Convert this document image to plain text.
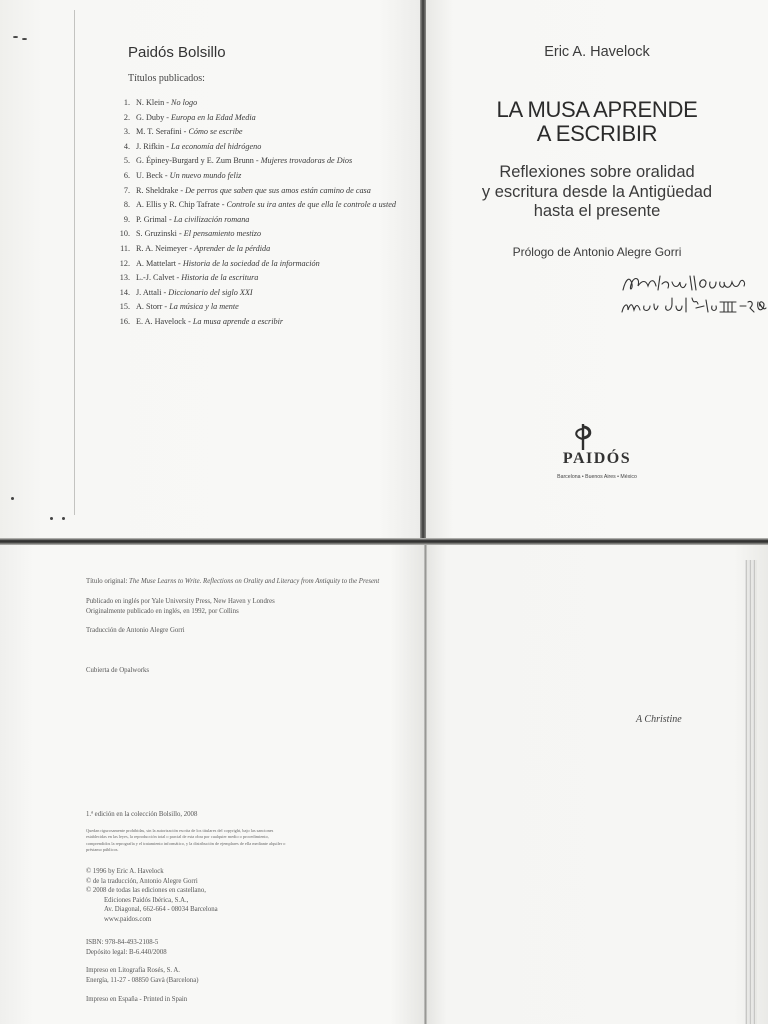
Paidós Bolsillo
Títulos publicados:
1. N. Klein - No logo
2. G. Duby - Europa en la Edad Media
3. M. T. Serafini - Cómo se escribe
4. J. Rifkin - La economía del hidrógeno
5. G. Épiney-Burgard y E. Zum Brunn - Mujeres trovadoras de Dios
6. U. Beck - Un nuevo mundo feliz
7. R. Sheldrake - De perros que saben que sus amos están camino de casa
8. A. Ellis y R. Chip Tafrate - Controle su ira antes de que ella le controle a usted
9. P. Grimal - La civilización romana
10. S. Gruzinski - El pensamiento mestizo
11. R. A. Neimeyer - Aprender de la pérdida
12. A. Mattelart - Historia de la sociedad de la información
13. L.-J. Calvet - Historia de la escritura
14. J. Attali - Diccionario del siglo XXI
15. A. Storr - La música y la mente
16. E. A. Havelock - La musa aprende a escribir
Eric A. Havelock
LA MUSA APRENDE
A ESCRIBIR
Reflexiones sobre oralidad
y escritura desde la Antigüedad
hasta el presente
Prólogo de Antonio Alegre Gorri
PAIDÓS
Barcelona • Buenos Aires • México
Título original: The Muse Learns to Write. Reflections on Orality and Literacy from Antiquity to the Present
Publicado en inglés por Yale University Press, New Haven y Londres
Originalmente publicado en inglés, en 1992, por Collins
Traducción de Antonio Alegre Gorri
Cubierta de Opalworks
1.ª edición en la colección Bolsillo, 2008
Quedan rigurosamente prohibidas, sin la autorización escrita de los titulares del copyright, bajo las sanciones
establecidas en las leyes, la reproducción total o parcial de esta obra por cualquier medio o procedimiento,
comprendidos la reprografía y el tratamiento informático, y la distribución de ejemplares de ella mediante alquiler o
préstamo públicos.
© 1996 by Eric A. Havelock
© de la traducción, Antonio Alegre Gorri
© 2008 de todas las ediciones en castellano,
Ediciones Paidós Ibérica, S.A.,
Av. Diagonal, 662-664 - 08034 Barcelona
www.paidos.com
ISBN: 978-84-493-2108-5
Depósito legal: B-6.440/2008
Impreso en Litografía Rosés, S. A.
Energía, 11-27 - 08850 Gavà (Barcelona)
Impreso en España - Printed in Spain
A Christine
